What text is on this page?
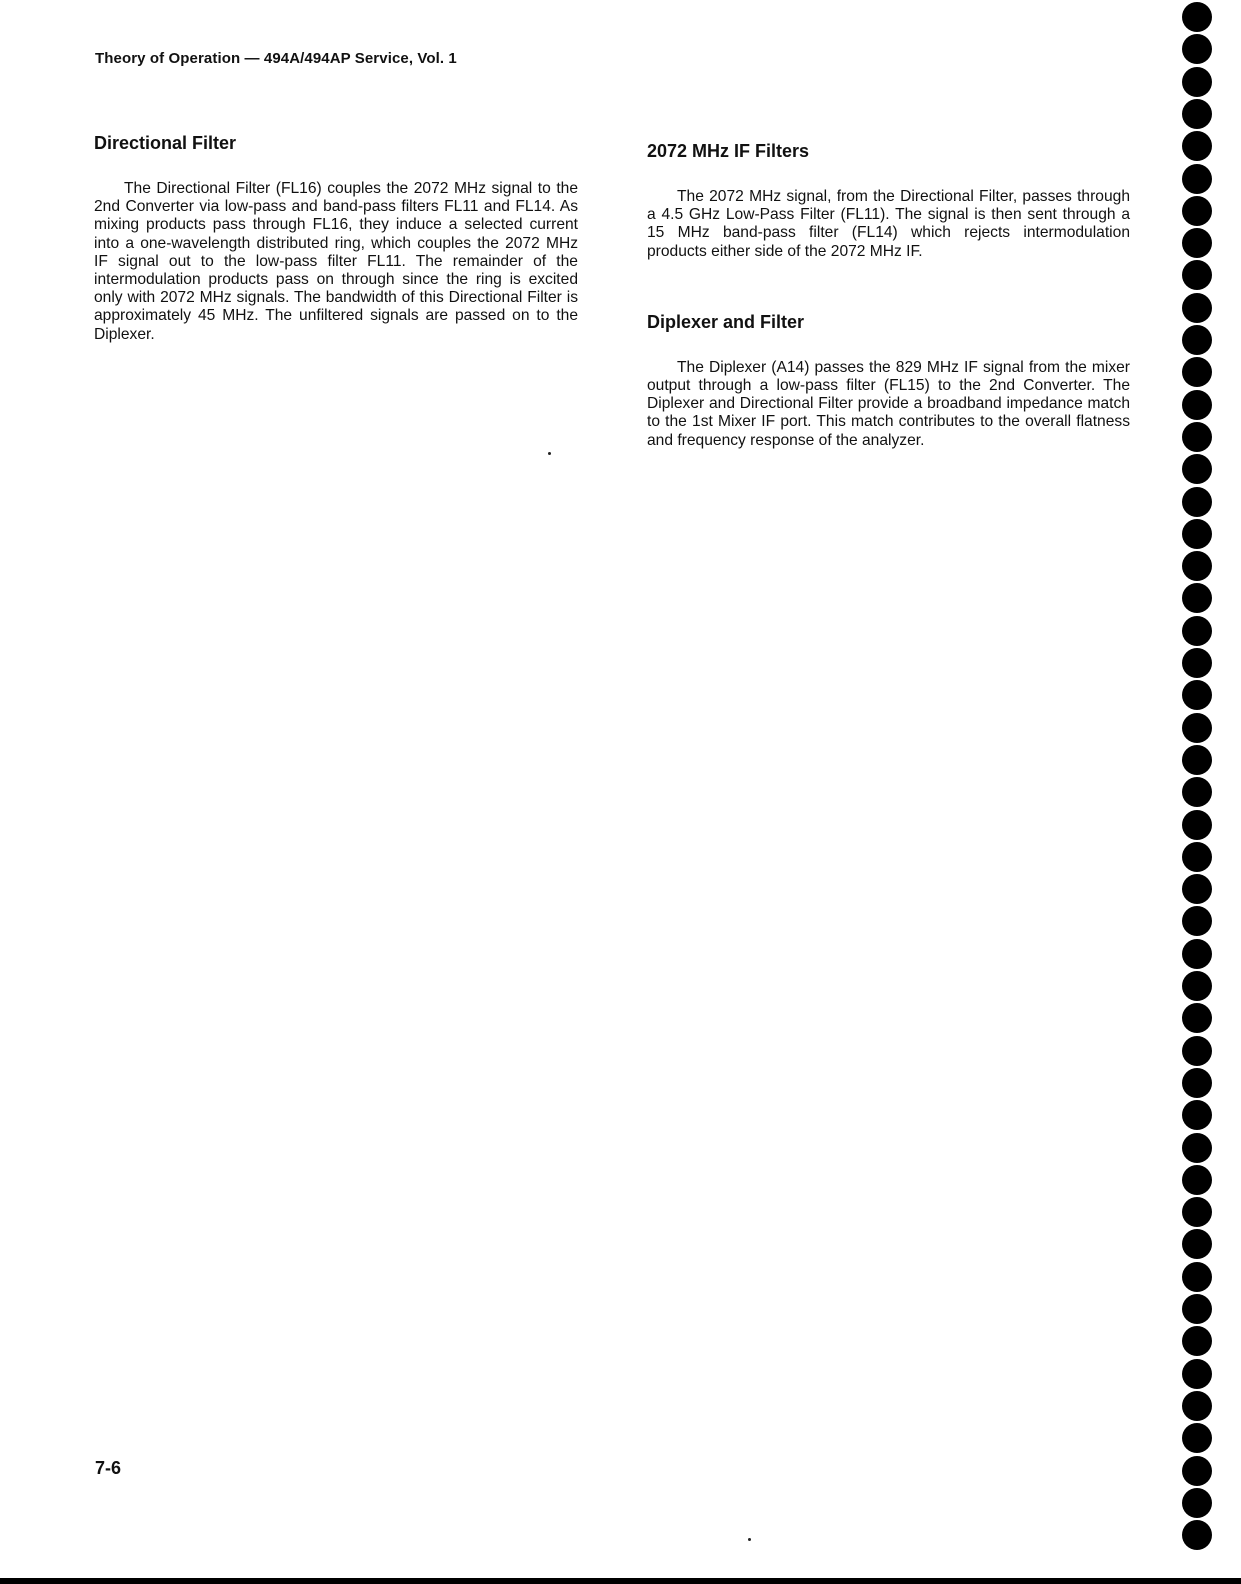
Theory of Operation — 494A/494AP Service, Vol. 1
Directional Filter

The Directional Filter (FL16) couples the 2072 MHz signal to the 2nd Converter via low-pass and band-pass filters FL11 and FL14. As mixing products pass through FL16, they induce a selected current into a one-wavelength distributed ring, which couples the 2072 MHz IF signal out to the low-pass filter FL11. The remainder of the intermodulation products pass on through since the ring is excited only with 2072 MHz signals. The bandwidth of this Directional Filter is approximately 45 MHz. The unfiltered signals are passed on to the Diplexer.

2072 MHz IF Filters

The 2072 MHz signal, from the Directional Filter, passes through a 4.5 GHz Low-Pass Filter (FL11). The signal is then sent through a 15 MHz band-pass filter (FL14) which rejects intermodulation products either side of the 2072 MHz IF.

Diplexer and Filter

The Diplexer (A14) passes the 829 MHz IF signal from the mixer output through a low-pass filter (FL15) to the 2nd Converter. The Diplexer and Directional Filter provide a broadband impedance match to the 1st Mixer IF port. This match contributes to the overall flatness and frequency response of the analyzer.

7-6
